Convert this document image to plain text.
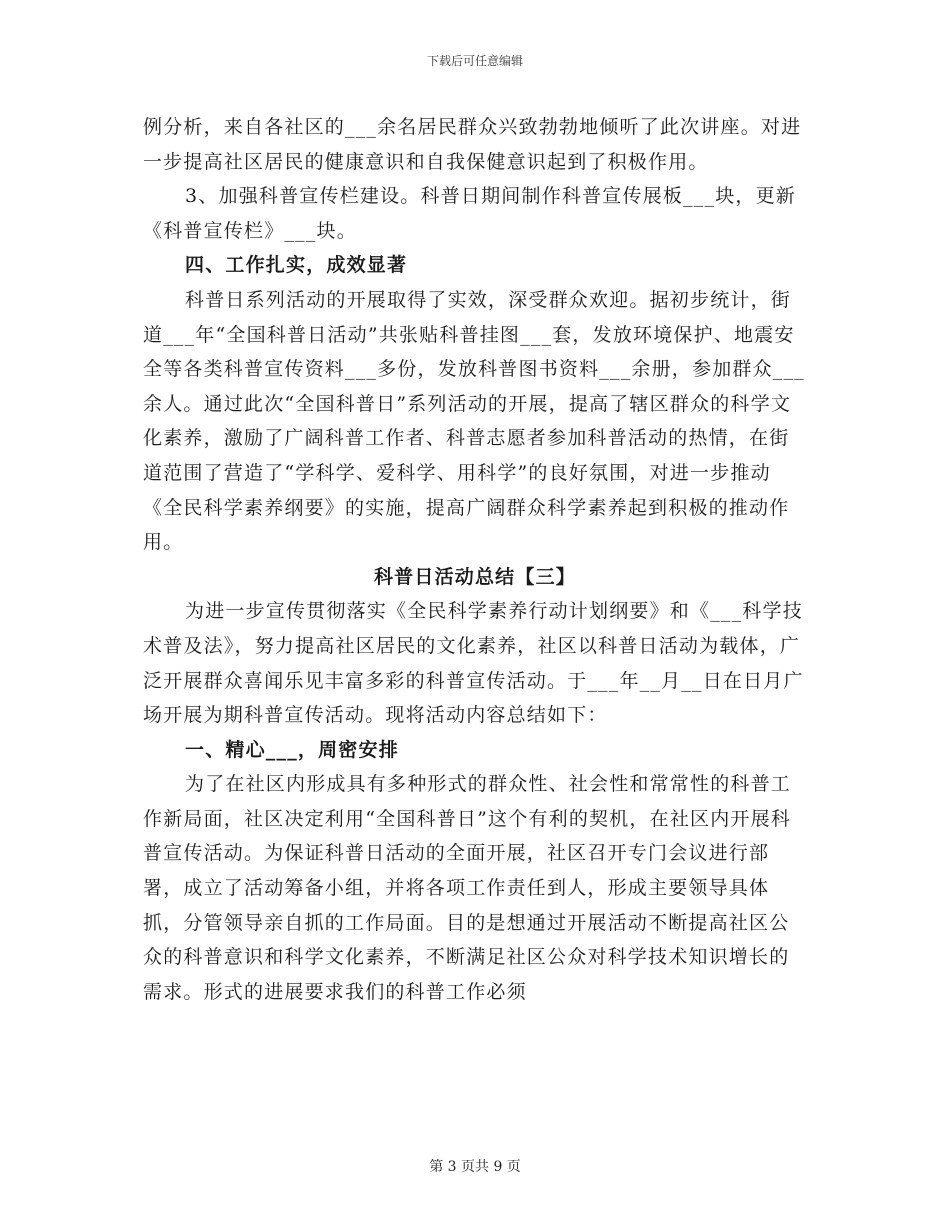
下载后可任意编辑

例分析，来自各社区的___余名居民群众兴致勃勃地倾听了此次讲座。对进一步提高社区居民的健康意识和自我保健意识起到了积极作用。

3、加强科普宣传栏建设。科普日期间制作科普宣传展板___块，更新《科普宣传栏》___块。

四、工作扎实，成效显著

科普日系列活动的开展取得了实效，深受群众欢迎。据初步统计，街道___年“全国科普日活动”共张贴科普挂图___套，发放环境保护、地震安全等各类科普宣传资料___多份，发放科普图书资料___余册，参加群众___余人。通过此次“全国科普日”系列活动的开展，提高了辖区群众的科学文化素养，激励了广阔科普工作者、科普志愿者参加科普活动的热情，在街道范围了营造了“学科学、爱科学、用科学”的良好氛围，对进一步推动《全民科学素养纲要》的实施，提高广阔群众科学素养起到积极的推动作用。

科普日活动总结【三】

为进一步宣传贯彻落实《全民科学素养行动计划纲要》和《___科学技术普及法》，努力提高社区居民的文化素养，社区以科普日活动为载体，广泛开展群众喜闻乐见丰富多彩的科普宣传活动。于___年__月__日在日月广场开展为期科普宣传活动。现将活动内容总结如下：

一、精心___，周密安排

为了在社区内形成具有多种形式的群众性、社会性和常常性的科普工作新局面，社区决定利用“全国科普日”这个有利的契机，在社区内开展科普宣传活动。为保证科普日活动的全面开展，社区召开专门会议进行部署，成立了活动筹备小组，并将各项工作责任到人，形成主要领导具体抓，分管领导亲自抓的工作局面。目的是想通过开展活动不断提高社区公众的科普意识和科学文化素养，不断满足社区公众对科学技术知识增长的需求。形式的进展要求我们的科普工作必须

第 3 页共 9 页
